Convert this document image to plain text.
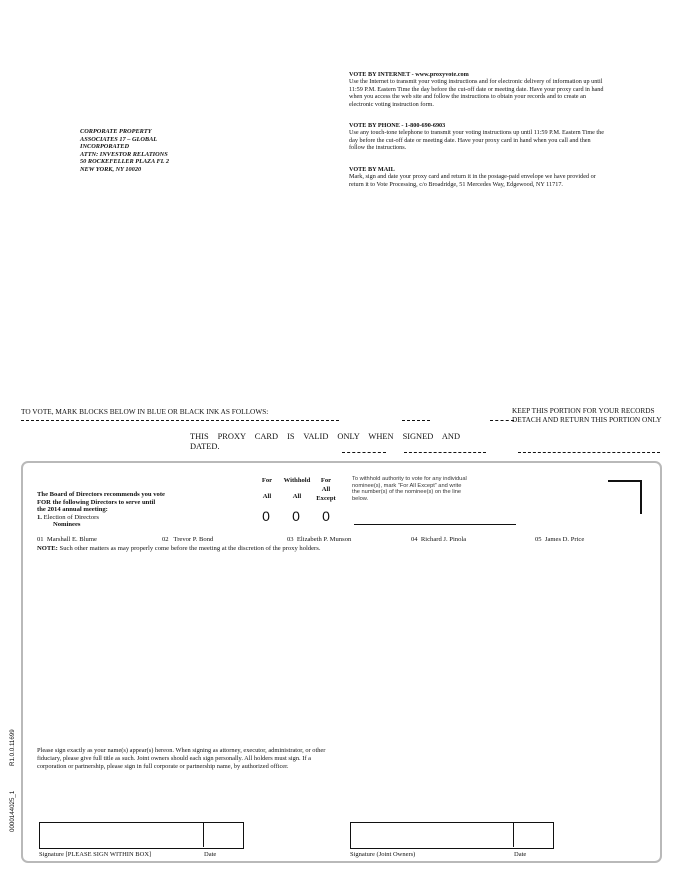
CORPORATE PROPERTY
ASSOCIATES 17 – GLOBAL
INCORPORATED
ATTN: INVESTOR RELATIONS
50 ROCKEFELLER PLAZA FL 2
NEW YORK, NY 10020
VOTE BY INTERNET - www.proxyvote.com
Use the Internet to transmit your voting instructions and for electronic delivery of information up until 11:59 P.M. Eastern Time the day before the cut-off date or meeting date. Have your proxy card in hand when you access the web site and follow the instructions to obtain your records and to create an electronic voting instruction form.
VOTE BY PHONE - 1-800-690-6903
Use any touch-tone telephone to transmit your voting instructions up until 11:59 P.M. Eastern Time the day before the cut-off date or meeting date. Have your proxy card in hand when you call and then follow the instructions.
VOTE BY MAIL
Mark, sign and date your proxy card and return it in the postage-paid envelope we have provided or return it to Vote Processing, c/o Broadridge, 51 Mercedes Way, Edgewood, NY 11717.
TO VOTE, MARK BLOCKS BELOW IN BLUE OR BLACK INK AS FOLLOWS:
THIS PROXY CARD IS VALID ONLY WHEN SIGNED AND
DATED.
KEEP THIS PORTION FOR YOUR RECORDS DETACH AND RETURN THIS PORTION ONLY
The Board of Directors recommends you vote
FOR the following Directors to serve until
the 2014 annual meeting:
1. Election of Directors
Nominees
For
All
Withhold
All
For
All
Except
0 0 0
To withhold authority to vote for any individual nominee(s), mark “For All Except” and write the number(s) of the nominee(s) on the line below.
01 Marshall E. Blume	02 Trevor P. Bond	03 Elizabeth P. Munson	04 Richard J. Pinola	05 James D. Price
NOTE: Such other matters as may properly come before the meeting at the discretion of the proxy holders.
Please sign exactly as your name(s) appear(s) hereon. When signing as attorney, executor, administrator, or other fiduciary, please give full title as such. Joint owners should each sign personally. All holders must sign. If a corporation or partnership, please sign in full corporate or partnership name, by authorized officer.
R1.0.0.11699
0000144025_1
Signature [PLEASE SIGN WITHIN BOX]	Date	Signature (Joint Owners)	Date
